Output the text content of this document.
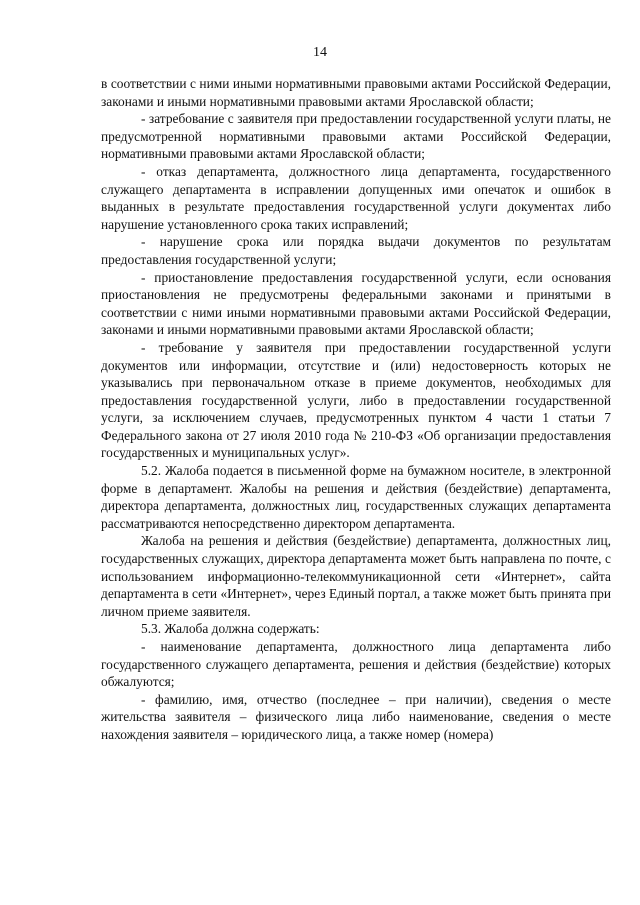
14

в соответствии с ними иными нормативными правовыми актами Российской Федерации, законами и иными нормативными правовыми актами Ярославской области;

- затребование с заявителя при предоставлении государственной услуги платы, не предусмотренной нормативными правовыми актами Российской Федерации, нормативными правовыми актами Ярославской области;

- отказ департамента, должностного лица департамента, государственного служащего департамента в исправлении допущенных ими опечаток и ошибок в выданных в результате предоставления государственной услуги документах либо нарушение установленного срока таких исправлений;

- нарушение срока или порядка выдачи документов по результатам предоставления государственной услуги;

- приостановление предоставления государственной услуги, если основания приостановления не предусмотрены федеральными законами и принятыми в соответствии с ними иными нормативными правовыми актами Российской Федерации, законами и иными нормативными правовыми актами Ярославской области;

- требование у заявителя при предоставлении государственной услуги документов или информации, отсутствие и (или) недостоверность которых не указывались при первоначальном отказе в приеме документов, необходимых для предоставления государственной услуги, либо в предоставлении государственной услуги, за исключением случаев, предусмотренных пунктом 4 части 1 статьи 7 Федерального закона от 27 июля 2010 года № 210-ФЗ «Об организации предоставления государственных и муниципальных услуг».

5.2. Жалоба подается в письменной форме на бумажном носителе, в электронной форме в департамент. Жалобы на решения и действия (бездействие) департамента, директора департамента, должностных лиц, государственных служащих департамента рассматриваются непосредственно директором департамента.

Жалоба на решения и действия (бездействие) департамента, должностных лиц, государственных служащих, директора департамента может быть направлена по почте, с использованием информационно-телекоммуникационной сети «Интернет», сайта департамента в сети «Интернет», через Единый портал, а также может быть принята при личном приеме заявителя.

5.3. Жалоба должна содержать:

- наименование департамента, должностного лица департамента либо государственного служащего департамента, решения и действия (бездействие) которых обжалуются;

- фамилию, имя, отчество (последнее – при наличии), сведения о месте жительства заявителя – физического лица либо наименование, сведения о месте нахождения заявителя – юридического лица, а также номер (номера)
